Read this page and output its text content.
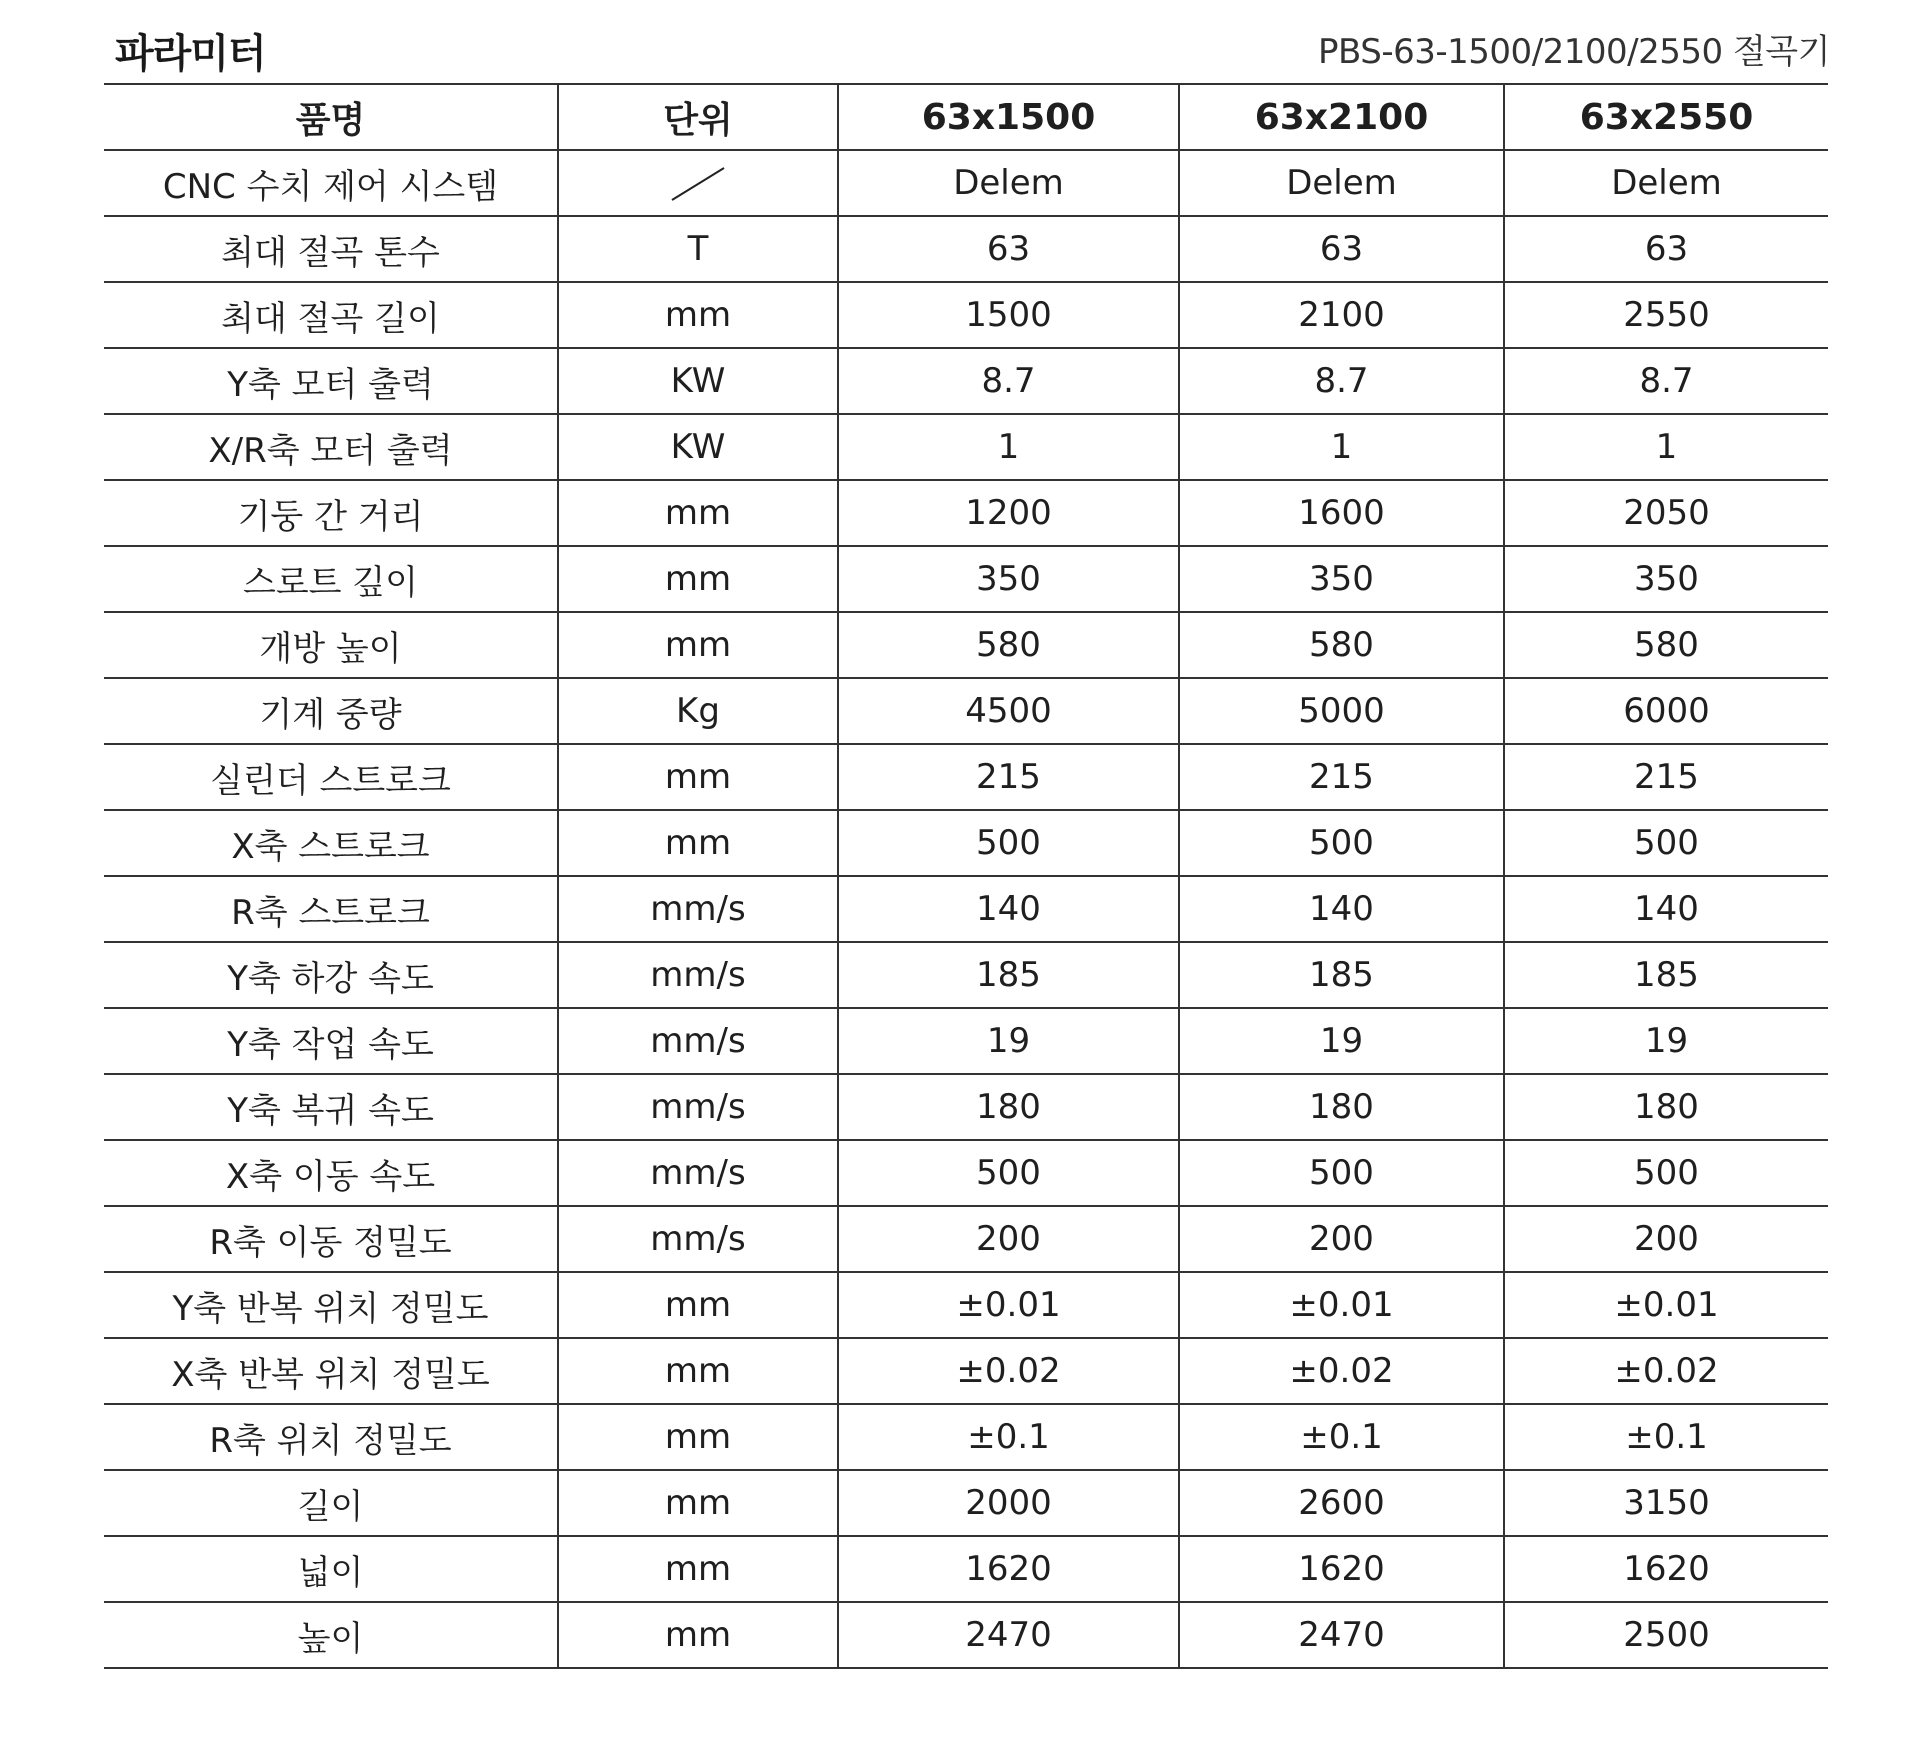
파라미터	PBS-63-1500/2100/2550 절곡기
품명	단위	63x1500	63x2100	63x2550
CNC 수치 제어 시스템		Delem	Delem	Delem
최대 절곡 톤수	T	63	63	63
최대 절곡 길이	mm	1500	2100	2550
Y축 모터 출력	KW	8.7	8.7	8.7
X/R축 모터 출력	KW	1	1	1
기둥 간 거리	mm	1200	1600	2050
스로트 깊이	mm	350	350	350
개방 높이	mm	580	580	580
기계 중량	Kg	4500	5000	6000
실린더 스트로크	mm	215	215	215
X축 스트로크	mm	500	500	500
R축 스트로크	mm/s	140	140	140
Y축 하강 속도	mm/s	185	185	185
Y축 작업 속도	mm/s	19	19	19
Y축 복귀 속도	mm/s	180	180	180
X축 이동 속도	mm/s	500	500	500
R축 이동 정밀도	mm/s	200	200	200
Y축 반복 위치 정밀도	mm	±0.01	±0.01	±0.01
X축 반복 위치 정밀도	mm	±0.02	±0.02	±0.02
R축 위치 정밀도	mm	±0.1	±0.1	±0.1
길이	mm	2000	2600	3150
넓이	mm	1620	1620	1620
높이	mm	2470	2470	2500
